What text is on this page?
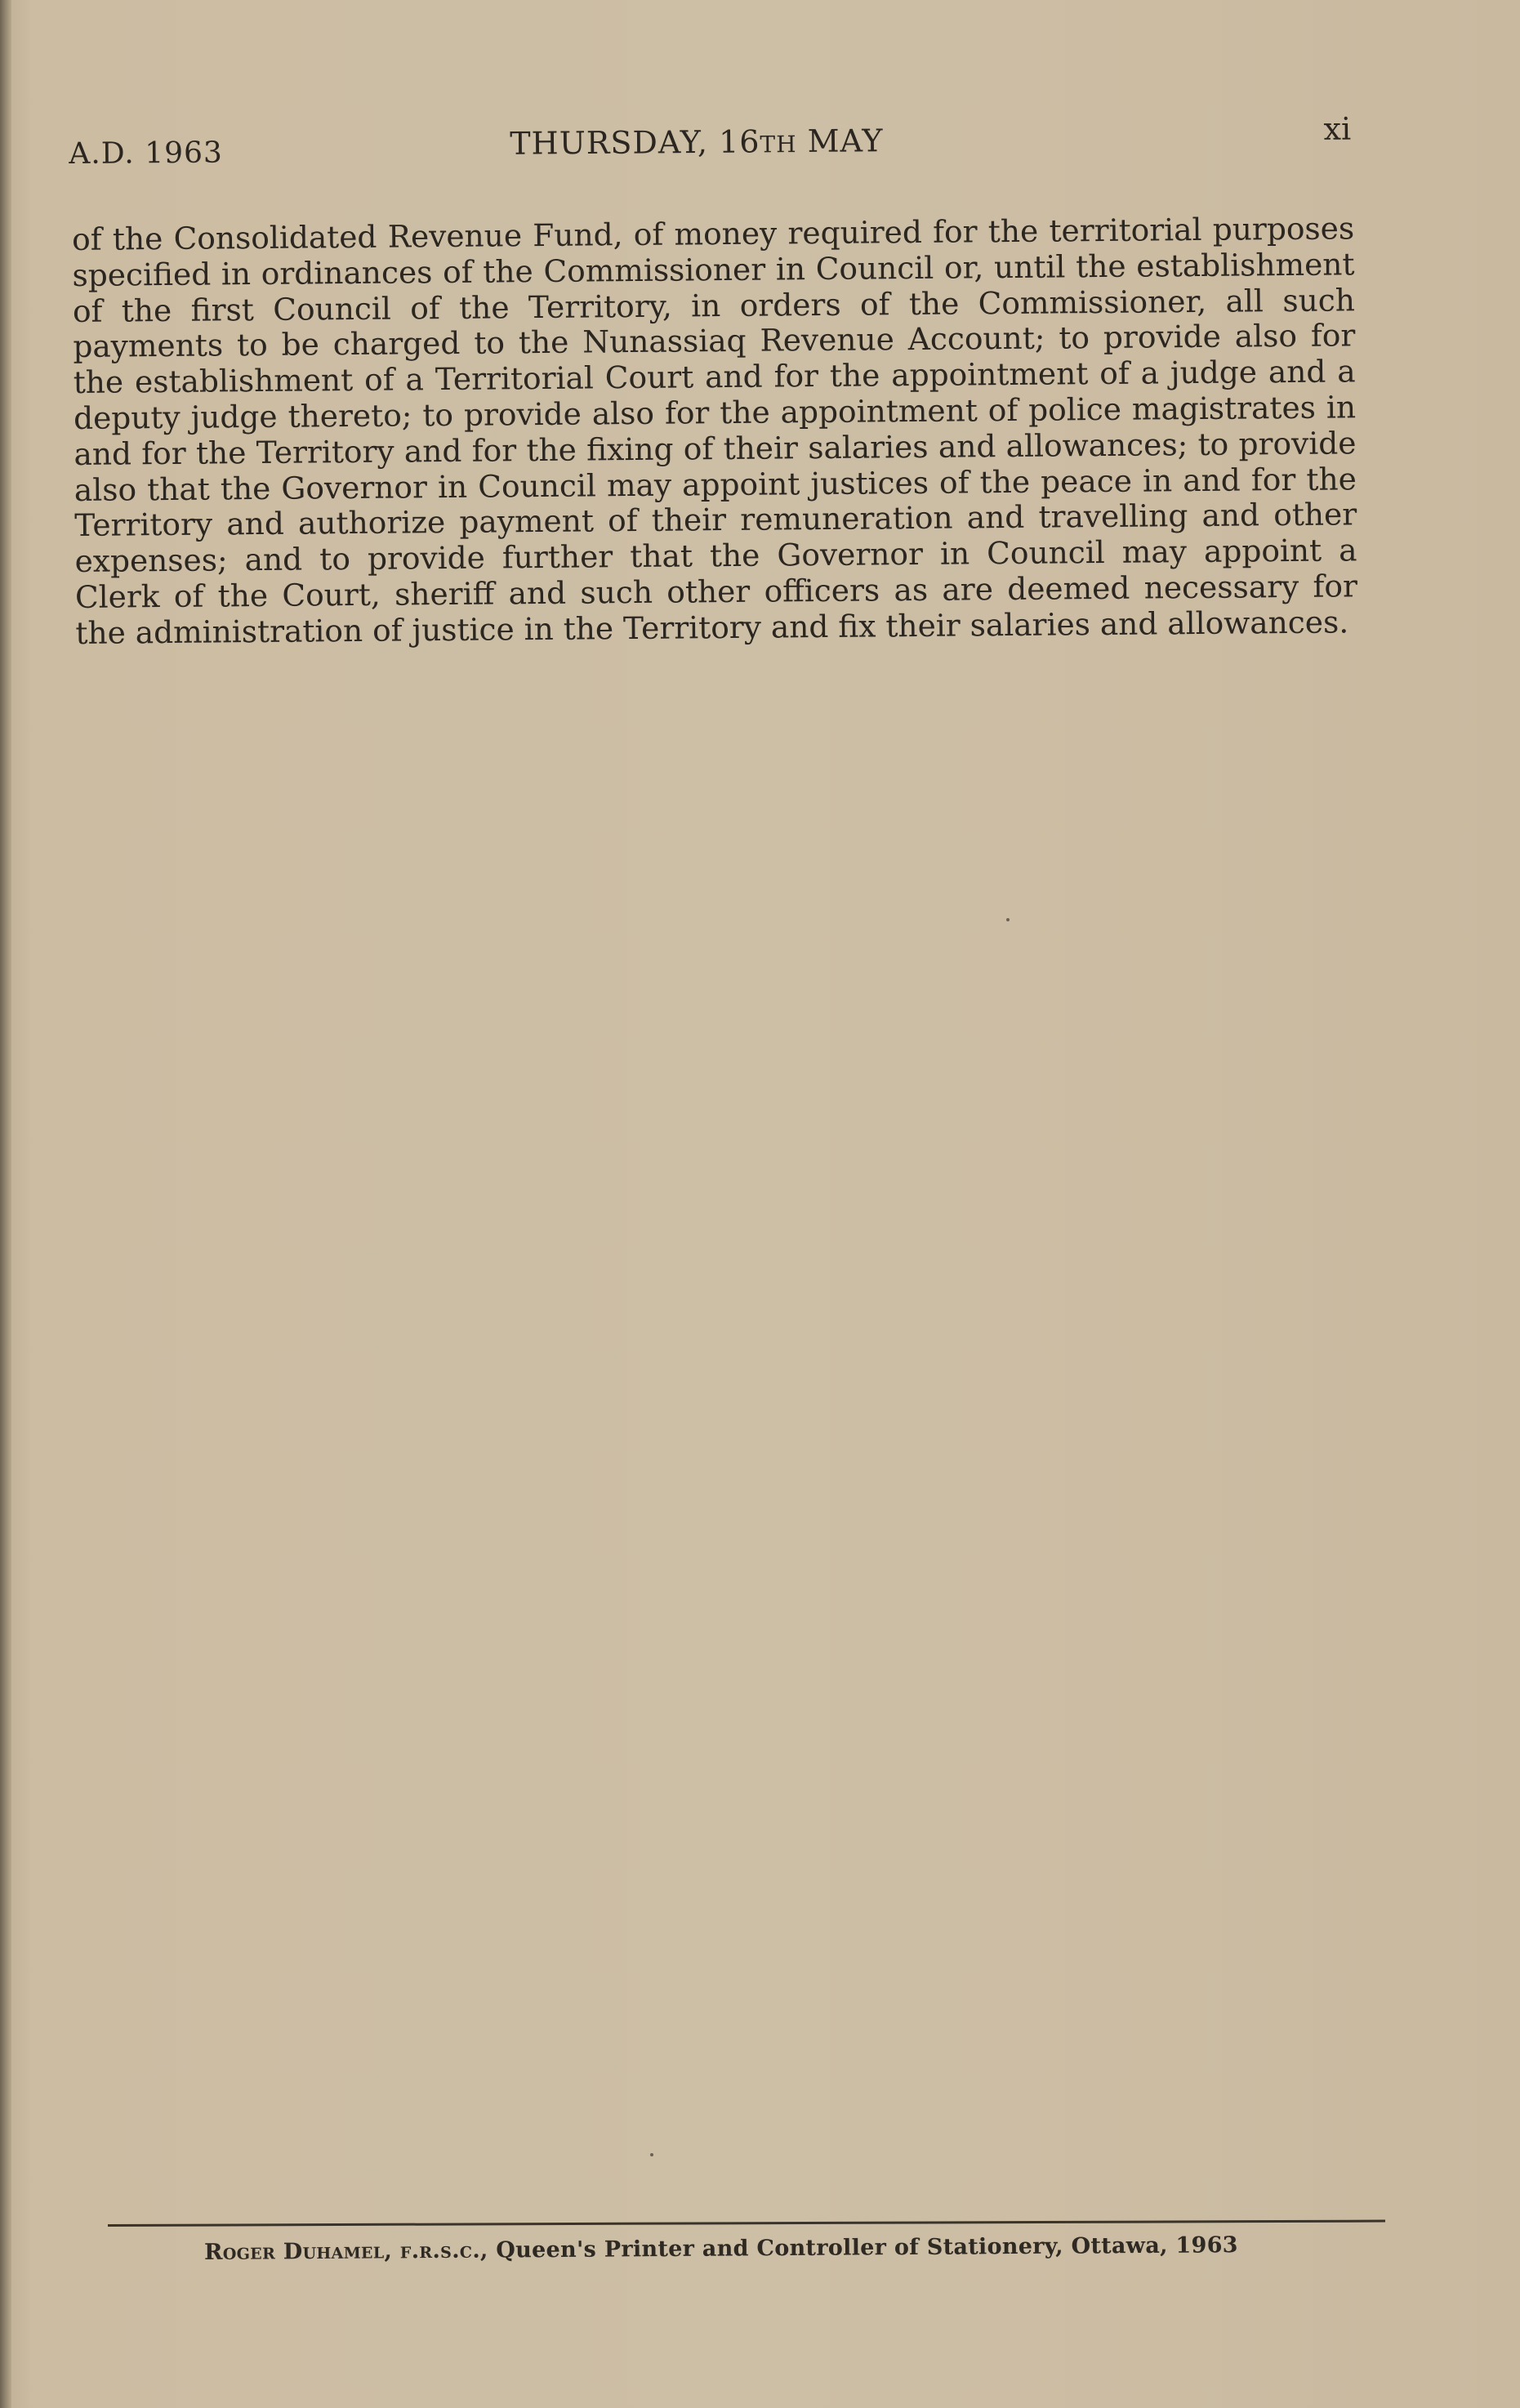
A.D. 1963	THURSDAY, 16TH MAY	xi
of the Consolidated Revenue Fund, of money required for the territorial purposes specified in ordinances of the Commissioner in Council or, until the establishment of the first Council of the Territory, in orders of the Commissioner, all such payments to be charged to the Nunassiaq Revenue Account; to provide also for the establishment of a Territorial Court and for the appointment of a judge and a deputy judge thereto; to provide also for the appointment of police magistrates in and for the Territory and for the fixing of their salaries and allowances; to provide also that the Governor in Council may appoint justices of the peace in and for the Territory and authorize payment of their remuneration and travelling and other expenses; and to provide further that the Governor in Council may appoint a Clerk of the Court, sheriff and such other officers as are deemed necessary for the administration of justice in the Territory and fix their salaries and allowances.
Roger Duhamel, f.r.s.c., Queen's Printer and Controller of Stationery, Ottawa, 1963
